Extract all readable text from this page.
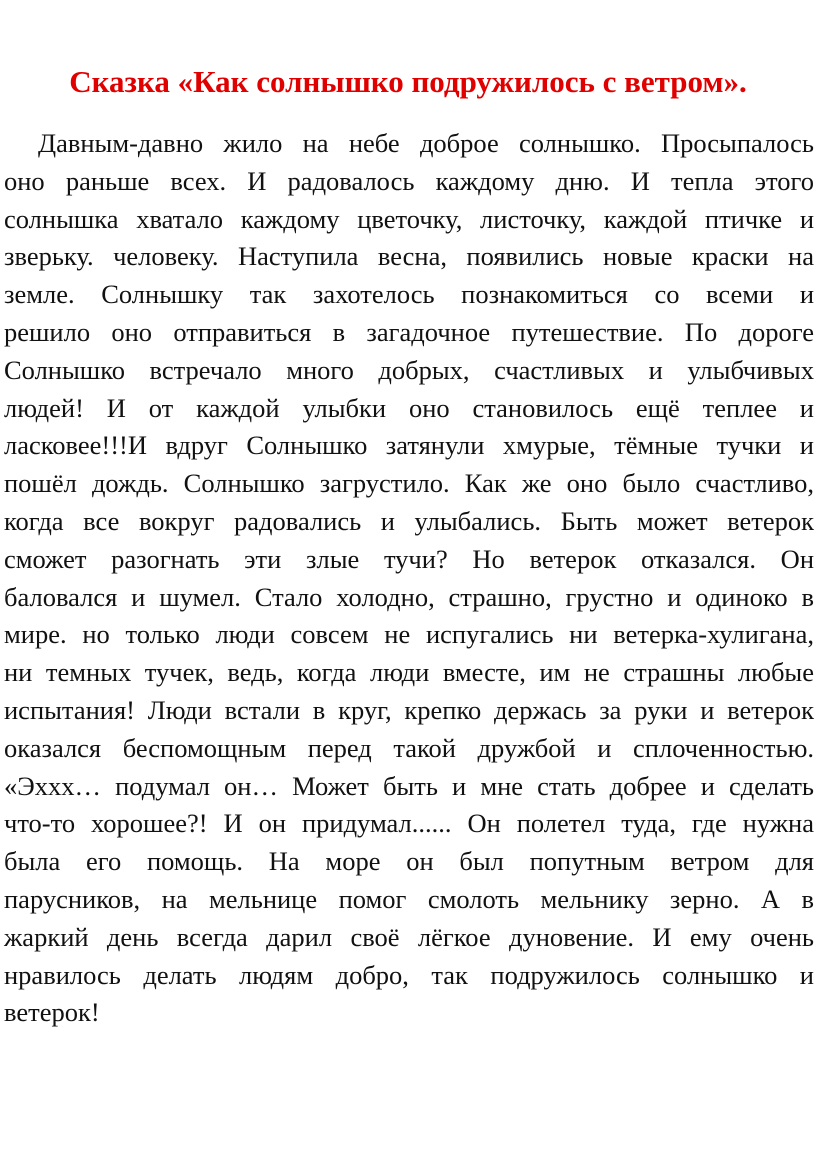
Сказка «Как солнышко подружилось с ветром».
Давным-давно жило на небе доброе солнышко. Просыпалось
оно раньше всех. И радовалось каждому дню. И тепла этого
солнышка хватало каждому цветочку, листочку, каждой птичке и
зверьку. человеку. Наступила весна, появились новые краски на
земле. Солнышку так захотелось познакомиться со всеми и
решило оно отправиться в загадочное путешествие. По дороге
Солнышко встречало много добрых, счастливых и улыбчивых
людей! И от каждой улыбки оно становилось ещё теплее и
ласковее!!!И вдруг Солнышко затянули хмурые, тёмные тучки и
пошёл дождь. Солнышко загрустило. Как же оно было счастливо,
когда все вокруг радовались и улыбались. Быть может ветерок
сможет разогнать эти злые тучи? Но ветерок отказался. Он
баловался и шумел. Стало холодно, страшно, грустно и одиноко в
мире. но только люди совсем не испугались ни ветерка-хулигана,
ни темных тучек, ведь, когда люди вместе, им не страшны любые
испытания! Люди встали в круг, крепко держась за руки и ветерок
оказался беспомощным перед такой дружбой и сплоченностью.
«Эххх… подумал он… Может быть и мне стать добрее и сделать
что-то хорошее?! И он придумал...... Он полетел туда, где нужна
была его помощь. На море он был попутным ветром для
парусников, на мельнице помог смолоть мельнику зерно. А в
жаркий день всегда дарил своё лёгкое дуновение. И ему очень
нравилось делать людям добро, так подружилось солнышко и
ветерок!
